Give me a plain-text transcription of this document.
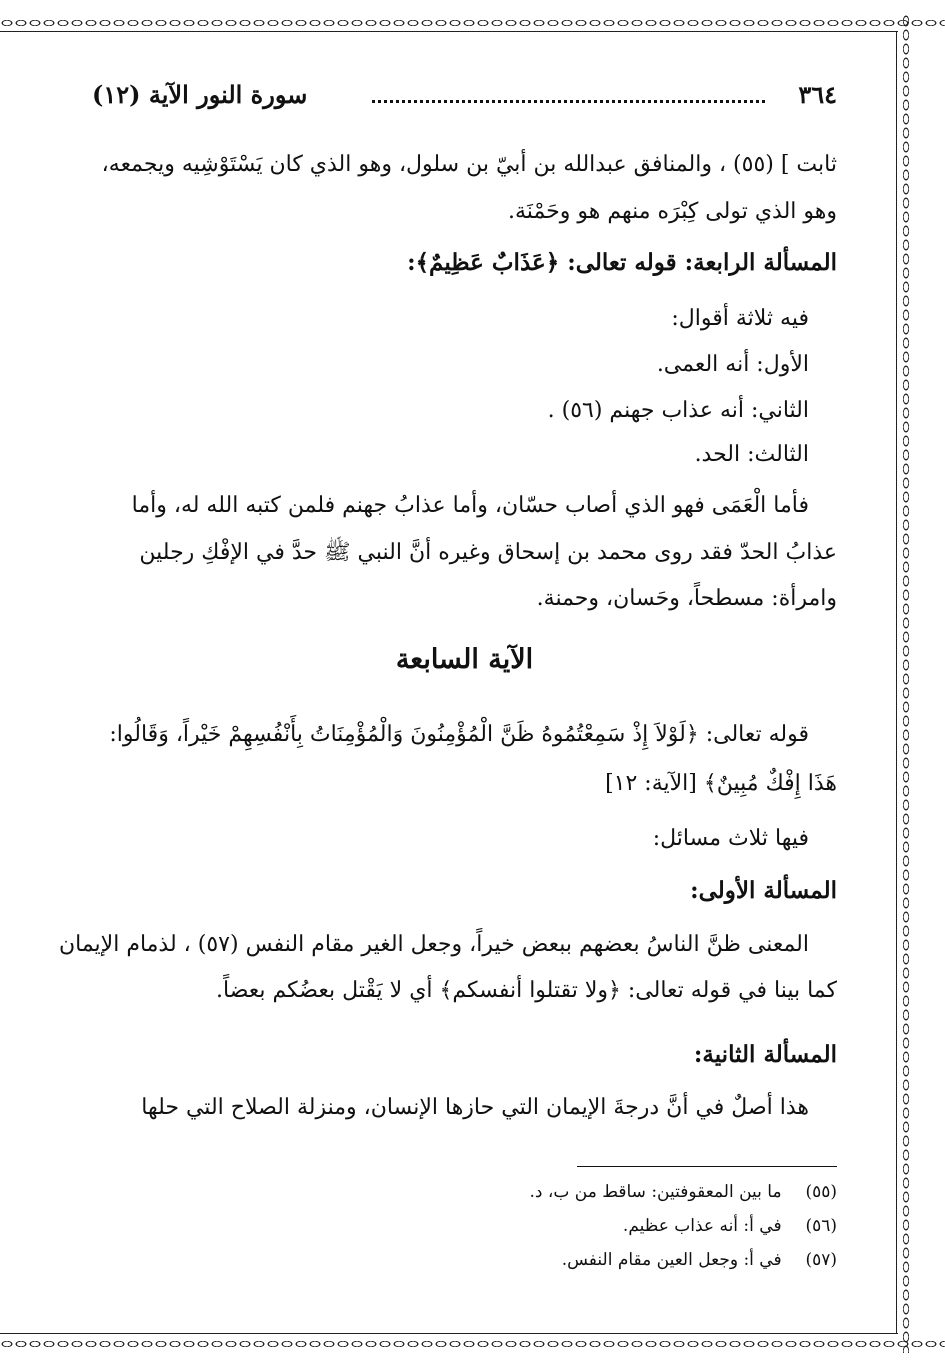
٣٦٤
سورة النور الآية (١٢)
ثابت ] (٥٥) ، والمنافق عبدالله بن أبيّ بن سلول، وهو الذي كان يَسْتَوْشِيه ويجمعه،
وهو الذي تولى كِبْرَه منهم هو وحَمْنَة.
المسألة الرابعة: قوله تعالى: ﴿عَذَابٌ عَظِيمٌ﴾:
فيه ثلاثة أقوال:
الأول: أنه العمى.
الثاني: أنه عذاب جهنم (٥٦) .
الثالث: الحد.
فأما الْعَمَى فهو الذي أصاب حسّان، وأما عذابُ جهنم فلمن كتبه الله له، وأما
عذابُ الحدّ فقد روى محمد بن إسحاق وغيره أنَّ النبي ﷺ حدَّ في الإفْكِ رجلين
وامرأة: مسطحاً، وحَسان، وحمنة.
الآية السابعة
قوله تعالى: ﴿لَوْلاَ إِذْ سَمِعْتُمُوهُ ظَنَّ الْمُؤْمِنُونَ وَالْمُؤْمِنَاتُ بِأَنْفُسِهِمْ خَيْراً، وَقَالُوا:
هَذَا إِفْكٌ مُبِينٌ﴾ [الآية: ١٢]
فيها ثلاث مسائل:
المسألة الأولى:
المعنى ظنَّ الناسُ بعضهم ببعض خيراً، وجعل الغير مقام النفس (٥٧) ، لذمام الإيمان
كما بينا في قوله تعالى: ﴿ولا تقتلوا أنفسكم﴾ أي لا يَقْتل بعضُكم بعضاً.
المسألة الثانية:
هذا أصلٌ في أنَّ درجةَ الإيمان التي حازها الإنسان، ومنزلة الصلاح التي حلها
(٥٥) ما بين المعقوفتين: ساقط من ب، د.
(٥٦) في أ: أنه عذاب عظيم.
(٥٧) في أ: وجعل العين مقام النفس.
